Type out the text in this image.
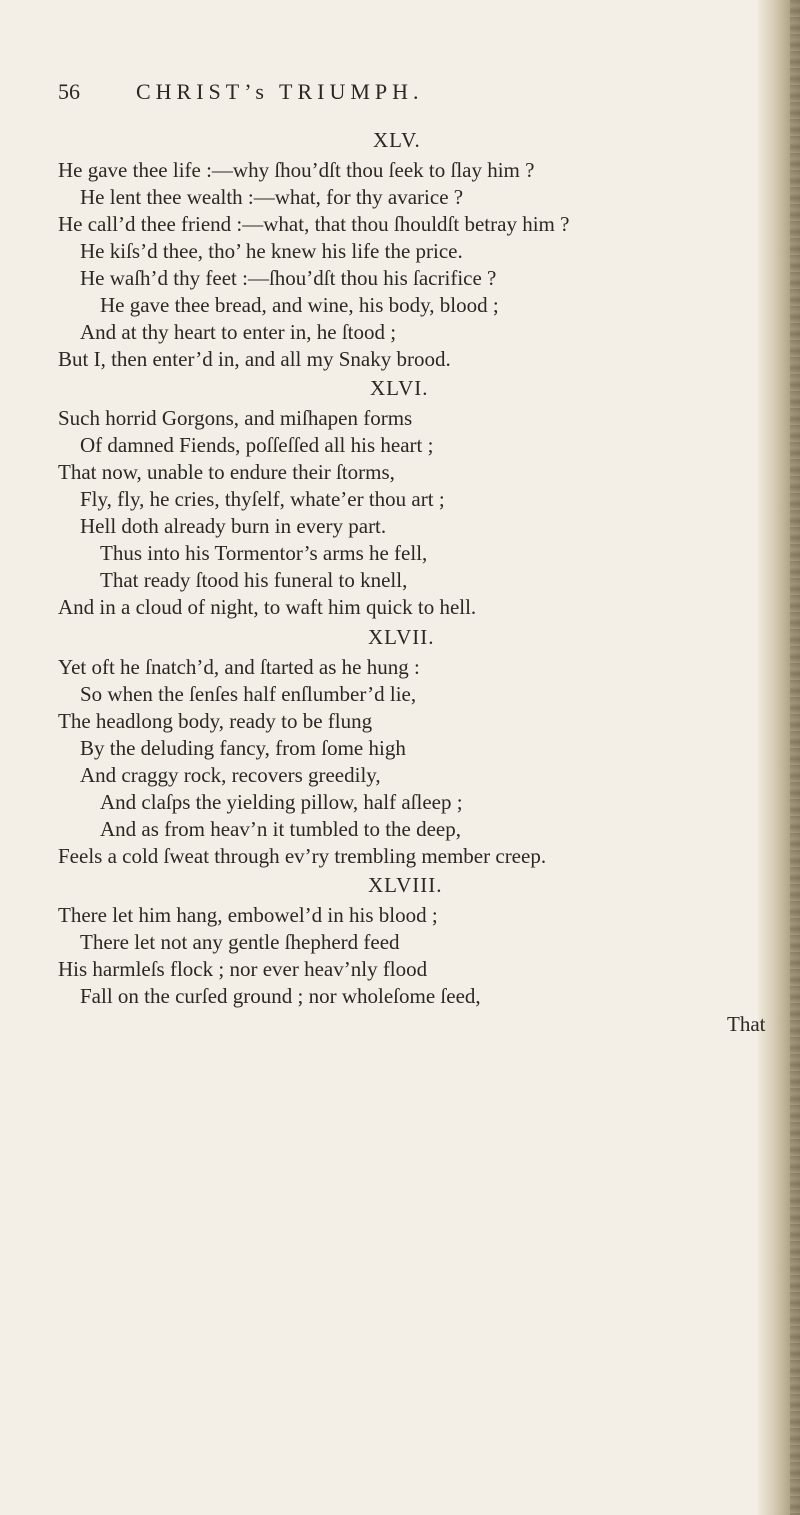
56	CHRIST’s TRIUMPH.
XLV.
He gave thee life :—why ſhou’dſt thou ſeek to ſlay him ?
He lent thee wealth :—what, for thy avarice ?
He call’d thee friend :—what, that thou ſhouldſt betray him ?
He kiſs’d thee, tho’ he knew his life the price.
He waſh’d thy feet :—ſhou’dſt thou his ſacrifice ?
He gave thee bread, and wine, his body, blood ;
And at thy heart to enter in, he ſtood ;
But I, then enter’d in, and all my Snaky brood.
XLVI.
Such horrid Gorgons, and miſhapen forms
Of damned Fiends, poſſeſſed all his heart ;
That now, unable to endure their ſtorms,
Fly, fly, he cries, thyſelf, whate’er thou art ;
Hell doth already burn in every part.
Thus into his Tormentor’s arms he fell,
That ready ſtood his funeral to knell,
And in a cloud of night, to waft him quick to hell.
XLVII.
Yet oft he ſnatch’d, and ſtarted as he hung :
So when the ſenſes half enſlumber’d lie,
The headlong body, ready to be flung
By the deluding fancy, from ſome high
And craggy rock, recovers greedily,
And claſps the yielding pillow, half aſleep ;
And as from heav’n it tumbled to the deep,
Feels a cold ſweat through ev’ry trembling member creep.
XLVIII.
There let him hang, embowel’d in his blood ;
There let not any gentle ſhepherd feed
His harmleſs flock ; nor ever heav’nly flood
Fall on the curſed ground ; nor wholeſome ſeed,
That
